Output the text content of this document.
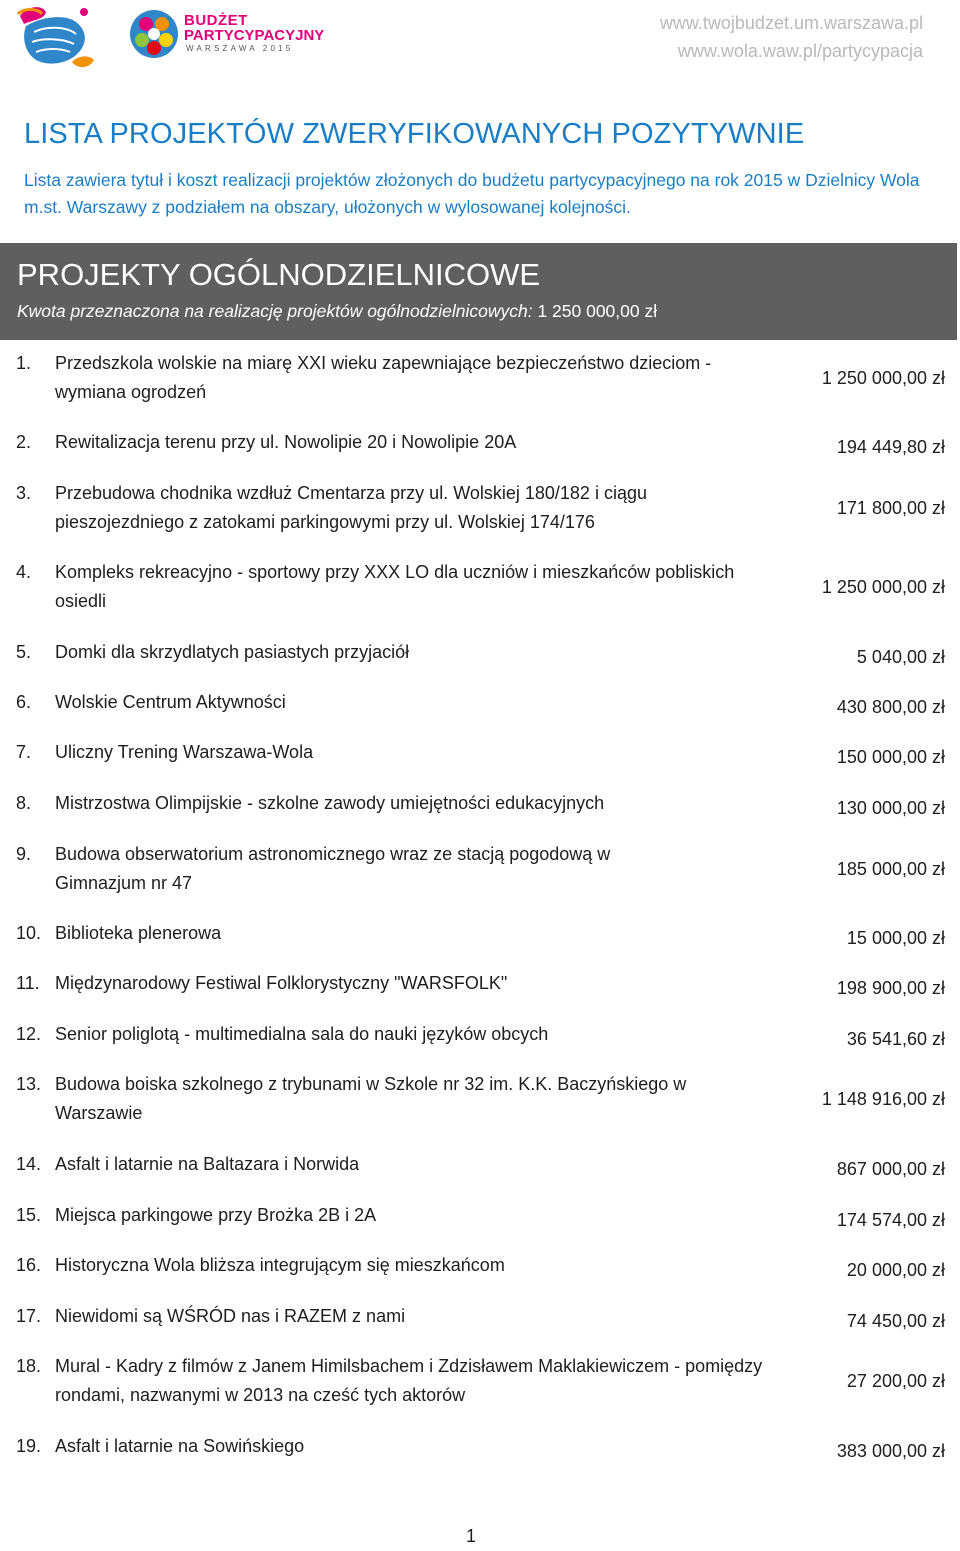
BUDŻET
PARTYCYPACYJNY
WARSZAWA 2015
www.twojbudzet.um.warszawa.pl
www.wola.waw.pl/partycypacja
LISTA PROJEKTÓW ZWERYFIKOWANYCH POZYTYWNIE
Lista zawiera tytuł i koszt realizacji projektów złożonych do budżetu partycypacyjnego na rok 2015 w Dzielnicy Wola m.st. Warszawy z podziałem na obszary, ułożonych w wylosowanej kolejności.
PROJEKTY OGÓLNODZIELNICOWE
Kwota przeznaczona na realizację projektów ogólnodzielnicowych: 1 250 000,00 zł
1. Przedszkola wolskie na miarę XXI wieku zapewniające bezpieczeństwo dzieciom - wymiana ogrodzeń
1 250 000,00 zł
2. Rewitalizacja terenu przy ul. Nowolipie 20 i Nowolipie 20A	194 449,80 zł
3. Przebudowa chodnika wzdłuż Cmentarza przy ul. Wolskiej 180/182 i ciągu pieszojezdniego z zatokami parkingowymi przy ul. Wolskiej 174/176
171 800,00 zł
4. Kompleks rekreacyjno - sportowy przy XXX LO dla uczniów i mieszkańców pobliskich osiedli
1 250 000,00 zł
5. Domki dla skrzydlatych pasiastych przyjaciół	5 040,00 zł
6. Wolskie Centrum Aktywności	430 800,00 zł
7. Uliczny Trening Warszawa-Wola	150 000,00 zł
8. Mistrzostwa Olimpijskie - szkolne zawody umiejętności edukacyjnych	130 000,00 zł
9. Budowa obserwatorium astronomicznego wraz ze stacją pogodową w Gimnazjum nr 47
185 000,00 zł
10. Biblioteka plenerowa	15 000,00 zł
11. Międzynarodowy Festiwal Folklorystyczny "WARSFOLK"	198 900,00 zł
12. Senior poliglotą - multimedialna sala do nauki języków obcych	36 541,60 zł
13. Budowa boiska szkolnego z trybunami w Szkole nr 32 im. K.K. Baczyńskiego w Warszawie
1 148 916,00 zł
14. Asfalt i latarnie na Baltazara i Norwida	867 000,00 zł
15. Miejsca parkingowe przy Brożka 2B i 2A	174 574,00 zł
16. Historyczna Wola bliższa integrującym się mieszkańcom	20 000,00 zł
17. Niewidomi są WŚRÓD nas i RAZEM z nami	74 450,00 zł
18. Mural - Kadry z filmów z Janem Himilsbachem i Zdzisławem Maklakiewiczem - pomiędzy rondami, nazwanymi w 2013 na cześć tych aktorów
27 200,00 zł
19. Asfalt i latarnie na Sowińskiego	383 000,00 zł
1
